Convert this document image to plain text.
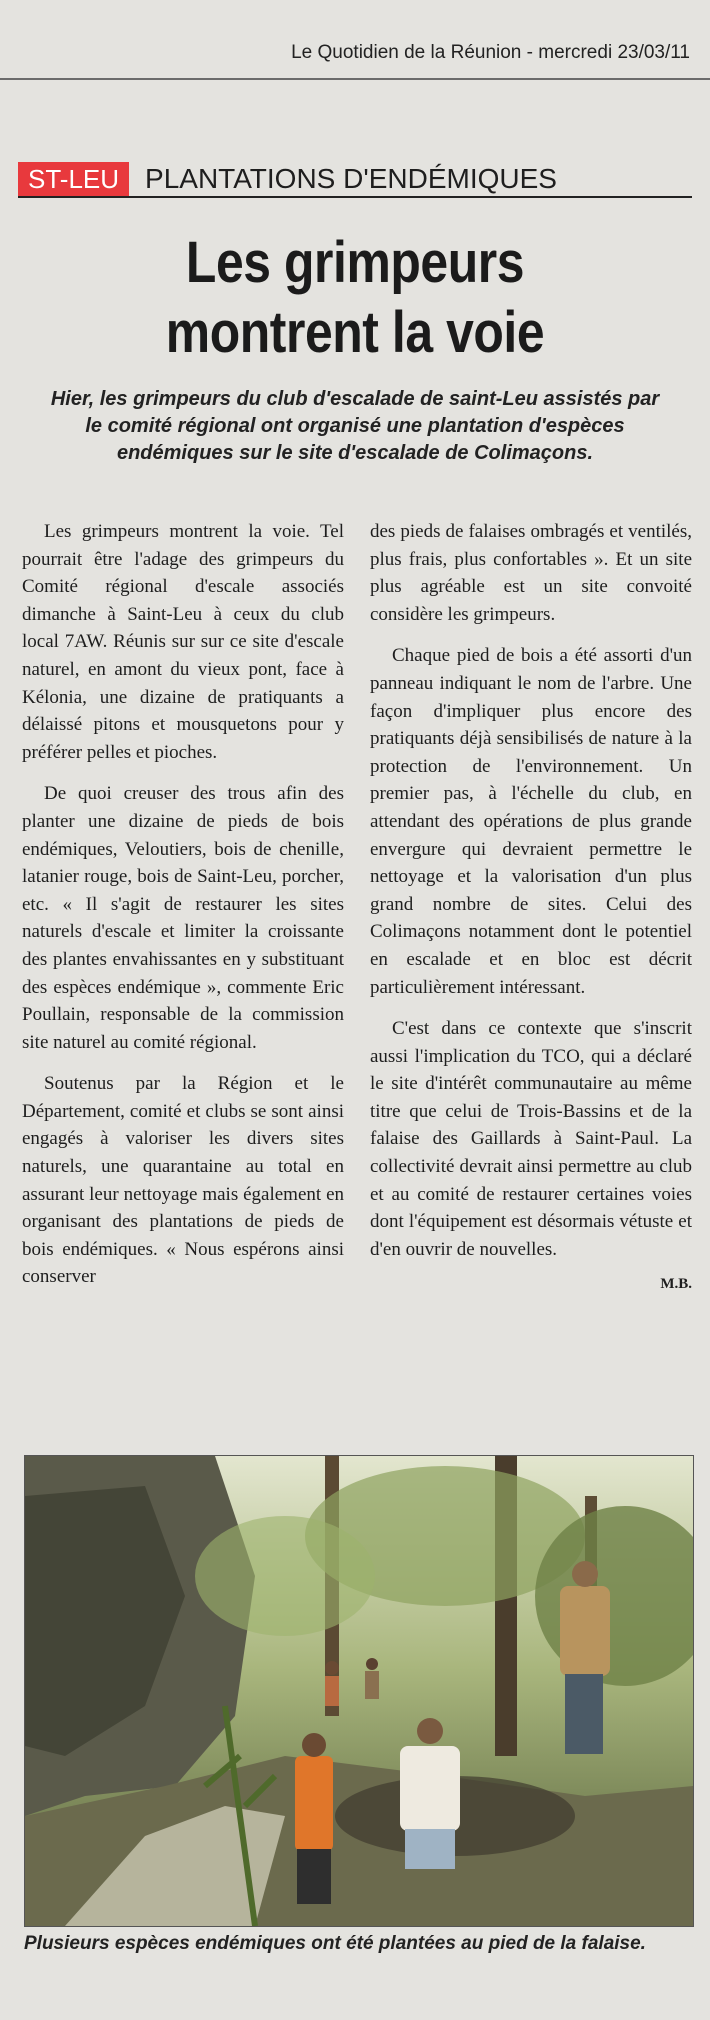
Le Quotidien de la Réunion - mercredi 23/03/11
ST-LEU PLANTATIONS D'ENDÉMIQUES
Les grimpeurs
montrent la voie
Hier, les grimpeurs du club d'escalade de saint-Leu assistés par le comité régional ont organisé une plantation d'espèces endémiques sur le site d'escalade de Colimaçons.

Les grimpeurs montrent la voie. Tel pourrait être l'adage des grimpeurs du Comité régional d'escale associés dimanche à Saint-Leu à ceux du club local 7AW. Réunis sur sur ce site d'escale naturel, en amont du vieux pont, face à Kélonia, une dizaine de pratiquants a délaissé pitons et mousquetons pour y préférer pelles et pioches.

De quoi creuser des trous afin des planter une dizaine de pieds de bois endémiques, Veloutiers, bois de chenille, latanier rouge, bois de Saint-Leu, porcher, etc. « Il s'agit de restaurer les sites naturels d'escale et limiter la croissante des plantes envahissantes en y substituant des espèces endémique », commente Eric Poullain, responsable de la commission site naturel au comité régional.

Soutenus par la Région et le Département, comité et clubs se sont ainsi engagés à valoriser les divers sites naturels, une quarantaine au total en assurant leur nettoyage mais également en organisant des plantations de pieds de bois endémiques. « Nous espérons ainsi conserver

des pieds de falaises ombragés et ventilés, plus frais, plus confortables ». Et un site plus agréable est un site convoité considère les grimpeurs.

Chaque pied de bois a été assorti d'un panneau indiquant le nom de l'arbre. Une façon d'impliquer plus encore des pratiquants déjà sensibilisés de nature à la protection de l'environnement. Un premier pas, à l'échelle du club, en attendant des opérations de plus grande envergure qui devraient permettre le nettoyage et la valorisation d'un plus grand nombre de sites. Celui des Colimaçons notamment dont le potentiel en escalade et en bloc est décrit particulièrement intéressant.

C'est dans ce contexte que s'inscrit aussi l'implication du TCO, qui a déclaré le site d'intérêt communautaire au même titre que celui de Trois-Bassins et de la falaise des Gaillards à Saint-Paul. La collectivité devrait ainsi permettre au club et au comité de restaurer certaines voies dont l'équipement est désormais vétuste et d'en ouvrir de nouvelles.

M.B.
Plusieurs espèces endémiques ont été plantées au pied de la falaise.
